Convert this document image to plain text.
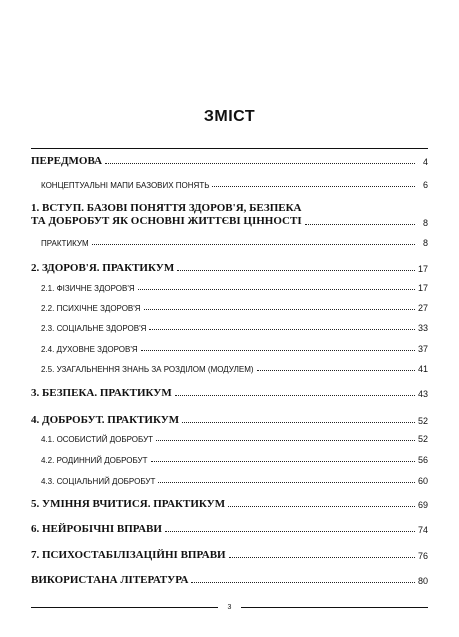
ЗМІСТ
ПЕРЕДМОВА	4
КОНЦЕПТУАЛЬНІ МАПИ БАЗОВИХ ПОНЯТЬ	6
1. ВСТУП. БАЗОВІ ПОНЯТТЯ ЗДОРОВ'Я, БЕЗПЕКА
ТА ДОБРОБУТ ЯК ОСНОВНІ ЖИТТЄВІ ЦІННОСТІ	8
ПРАКТИКУМ	8
2. ЗДОРОВ'Я. ПРАКТИКУМ	17
2.1. ФІЗИЧНЕ ЗДОРОВ'Я	17
2.2. ПСИХІЧНЕ ЗДОРОВ'Я	27
2.3. СОЦІАЛЬНЕ ЗДОРОВ'Я	33
2.4. ДУХОВНЕ ЗДОРОВ'Я	37
2.5. УЗАГАЛЬНЕННЯ ЗНАНЬ ЗА РОЗДІЛОМ (МОДУЛЕМ)	41
3. БЕЗПЕКА. ПРАКТИКУМ	43
4. ДОБРОБУТ. ПРАКТИКУМ	52
4.1. ОСОБИСТИЙ ДОБРОБУТ	52
4.2. РОДИННИЙ ДОБРОБУТ	56
4.3. СОЦІАЛЬНИЙ ДОБРОБУТ	60
5. УМІННЯ ВЧИТИСЯ. ПРАКТИКУМ	69
6. НЕЙРОБІЧНІ ВПРАВИ	74
7. ПСИХОСТАБІЛІЗАЦІЙНІ ВПРАВИ	76
ВИКОРИСТАНА ЛІТЕРАТУРА	80
3
